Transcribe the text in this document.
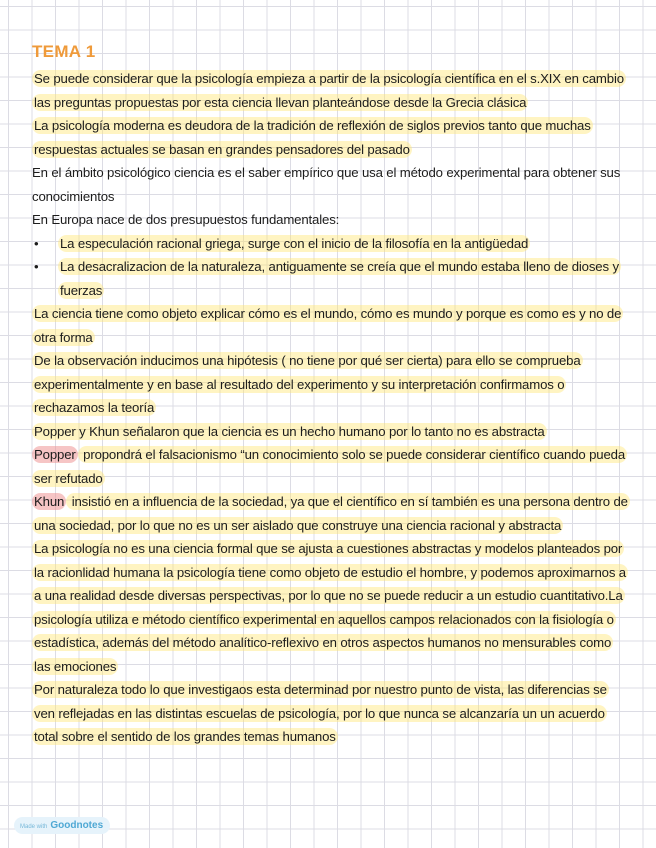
TEMA 1

Se puede considerar que la psicología empieza a partir de la psicología científica en el s.XIX en cambio las preguntas propuestas por esta ciencia llevan planteándose desde la Grecia clásica

La psicología moderna es deudora de la tradición de reflexión de siglos previos tanto que muchas respuestas actuales se basan en grandes pensadores del pasado

En el ámbito psicológico ciencia es el saber empírico que usa el método experimental para obtener sus conocimientos

En Europa nace de dos presupuestos fundamentales:

• La especulación racional griega, surge con el inicio de la filosofía en la antigüedad
• La desacralizacion de la naturaleza, antiguamente se creía que el mundo estaba lleno de dioses y fuerzas

La ciencia tiene como objeto explicar cómo es el mundo, cómo es mundo y porque es como es y no de otra forma

De la observación inducimos una hipótesis ( no tiene por qué ser cierta) para ello se comprueba experimentalmente y en base al resultado del experimento y su interpretación confirmamos o rechazamos la teoría

Popper y Khun señalaron que la ciencia es un hecho humano por lo tanto no es abstracta

Popper propondrá el falsacionismo “un conocimiento solo se puede considerar científico cuando pueda ser refutado

Khun insistió en a influencia de la sociedad, ya que el científico en sí también es una persona dentro de una sociedad, por lo que no es un ser aislado que construye una ciencia racional y abstracta

La psicología no es una ciencia formal que se ajusta a cuestiones abstractas y modelos planteados por la racionlidad humana la psicología tiene como objeto de estudio el hombre, y podemos aproximarnos a a una realidad desde diversas perspectivas, por lo que no se puede reducir a un estudio cuantitativo.La psicología utiliza e método científico experimental en aquellos campos relacionados con la fisiología o estadística, además del método analítico-reflexivo en otros aspectos humanos no mensurables como las emociones

Por naturaleza todo lo que investigaos esta determinad por nuestro punto de vista, las diferencias se ven reflejadas en las distintas escuelas de psicología, por lo que nunca se alcanzaría un un acuerdo total sobre el sentido de los grandes temas humanos

Made with Goodnotes
